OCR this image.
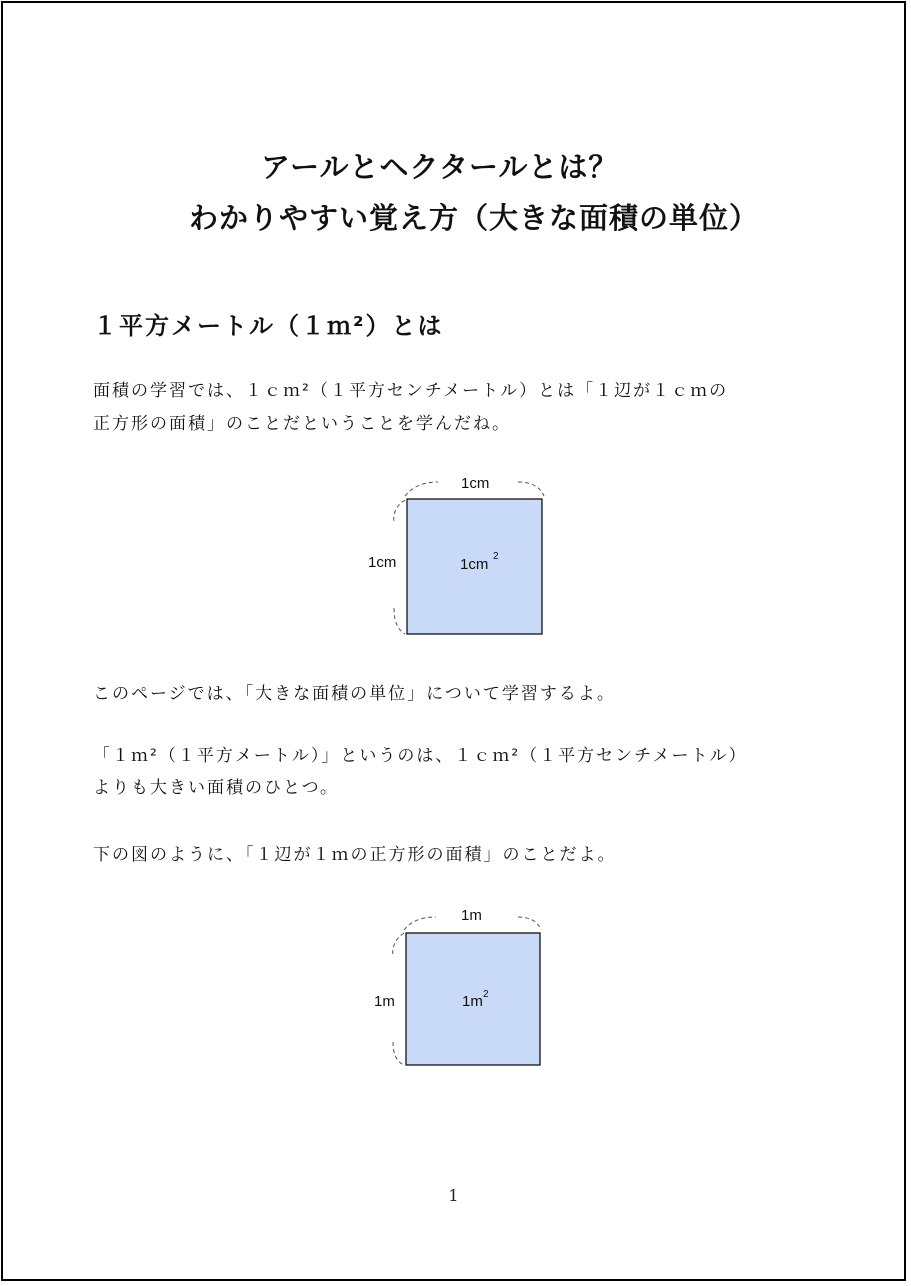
アールとヘクタールとは？
わかりやすい覚え方（大きな面積の単位）
１平方メートル（１ｍ²）とは
面積の学習では、１ｃｍ²（１平方センチメートル）とは「１辺が１ｃｍの
正方形の面積」のことだということを学んだね。
1cm
1cm	1cm 2
このページでは、「大きな面積の単位」について学習するよ。
「１ｍ²（１平方メートル）」というのは、１ｃｍ²（１平方センチメートル）
よりも大きい面積のひとつ。
下の図のように、「１辺が１ｍの正方形の面積」のことだよ。
1m
1m	1m 2
1
